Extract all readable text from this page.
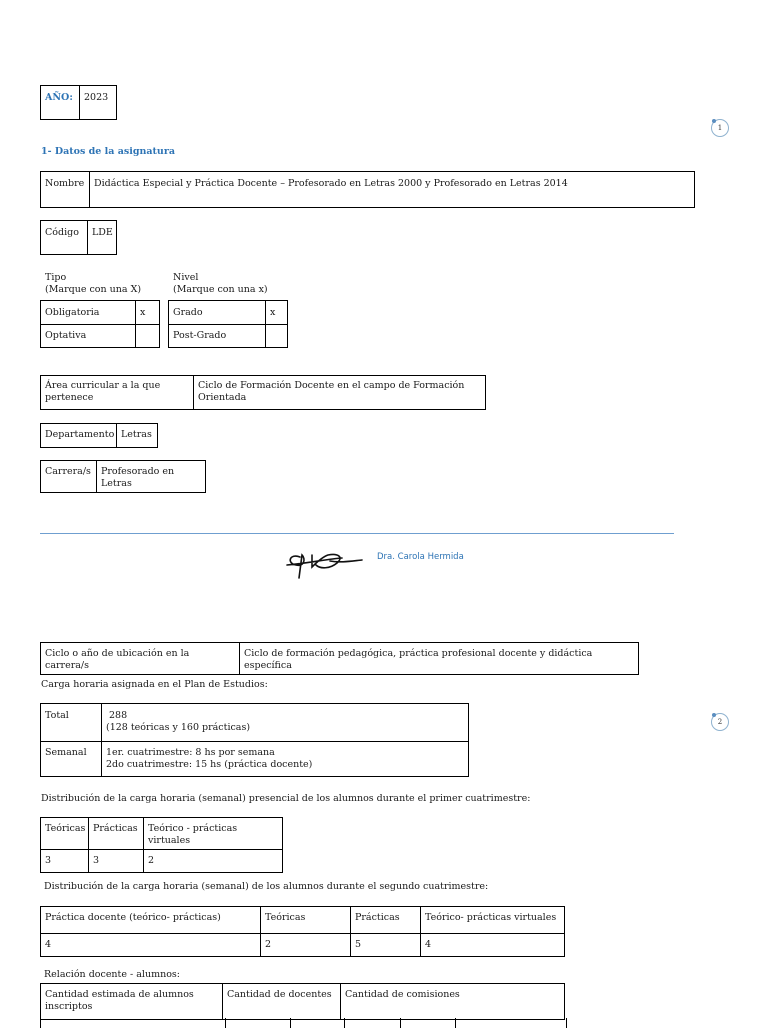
AÑO:	2023
1
1- Datos de la asignatura
Nombre	Didáctica Especial y Práctica Docente – Profesorado en Letras 2000 y Profesorado en Letras 2014
Código	LDE
Tipo
(Marque con una X)
Nivel
(Marque con una x)
Obligatoria	x
Optativa	
Grado	x
Post-Grado	
Área curricular a la que pertenece	Ciclo de Formación Docente en el campo de Formación Orientada
Departamento	Letras
Carrera/s	Profesorado en Letras
Dra. Carola Hermida
Ciclo o año de ubicación en la carrera/s	Ciclo de formación pedagógica, práctica profesional docente y didáctica específica
Carga horaria asignada en el Plan de Estudios:
2
Total	288
(128 teóricas y 160 prácticas)

Semanal	1er. cuatrimestre: 8 hs por semana
2do cuatrimestre: 15 hs (práctica docente)
Distribución de la carga horaria (semanal) presencial de los alumnos durante el primer cuatrimestre:
Teóricas	Prácticas	Teórico - prácticas virtuales
3	3	2
Distribución de la carga horaria (semanal) de los alumnos durante el segundo cuatrimestre:
Práctica docente (teórico- prácticas)	Teóricas	Prácticas	Teórico- prácticas virtuales
4	2	5	4
Relación docente - alumnos:
Cantidad estimada de alumnos inscriptos	Cantidad de docentes	Cantidad de comisiones
